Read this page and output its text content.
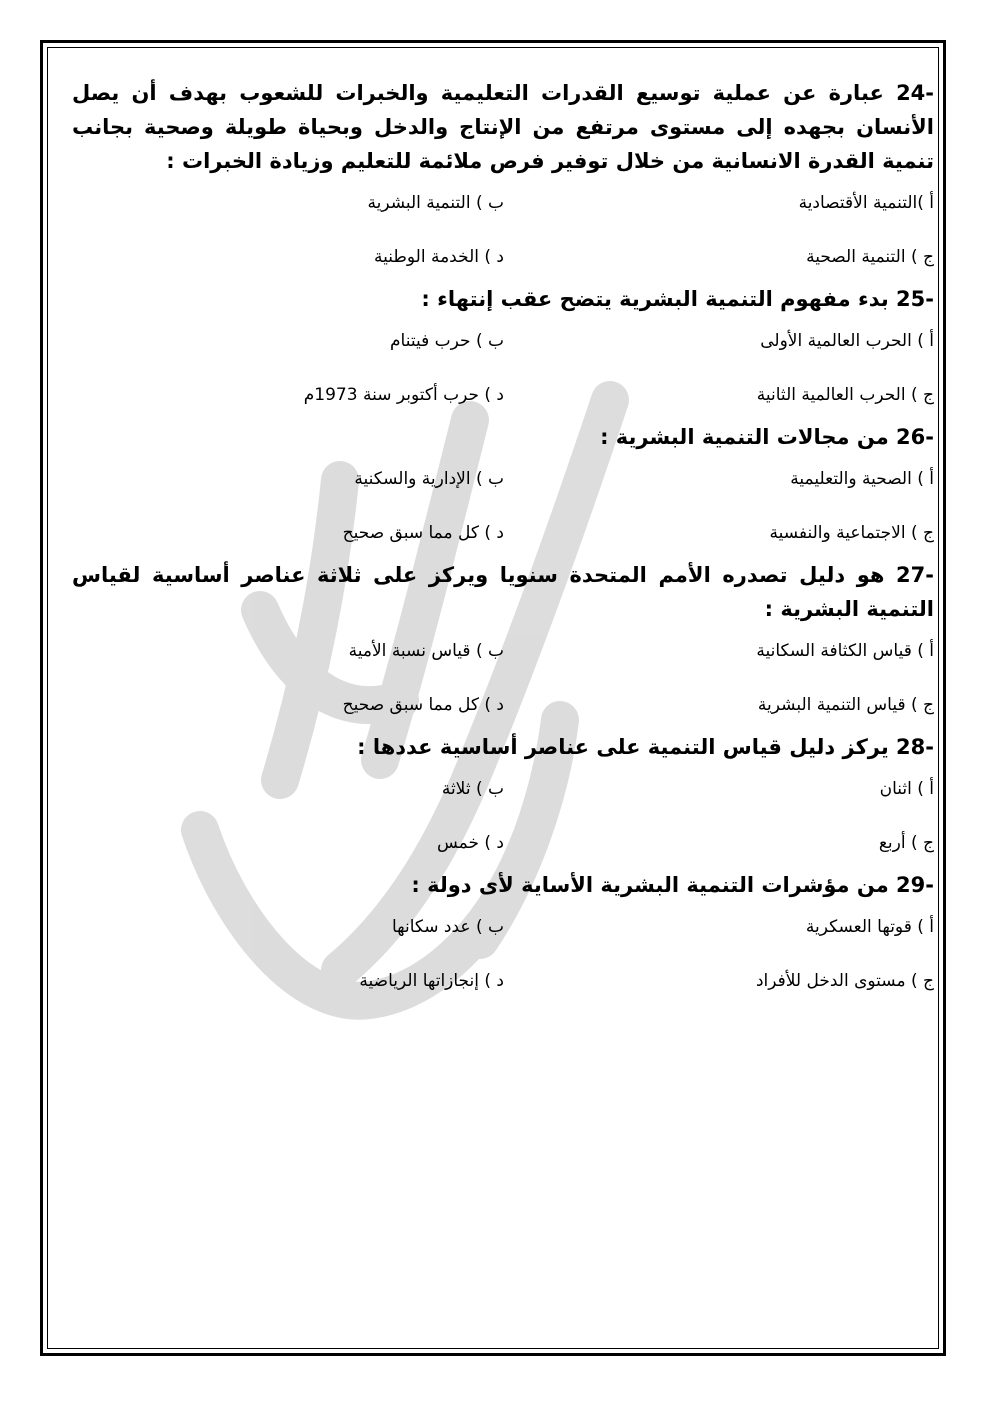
24- عبارة عن عملية توسيع القدرات التعليمية والخبرات للشعوب بهدف أن يصل الأنسان بجهده إلى مستوى مرتفع من الإنتاج والدخل وبحياة طويلة وصحية بجانب تنمية القدرة الانسانية من خلال توفير فرص ملائمة للتعليم وزيادة الخبرات :

أ )التنمية الأقتصادية
ب ) التنمية البشرية
ج ) التنمية الصحية
د ) الخدمة الوطنية

25- بدء مفهوم التنمية البشرية يتضح عقب إنتهاء :

أ ) الحرب العالمية الأولى
ب ) حرب فيتنام
ج ) الحرب العالمية الثانية
د ) حرب أكتوبر سنة 1973م

26- من مجالات التنمية البشرية :

أ ) الصحية والتعليمية
ب ) الإدارية والسكنية
ج ) الاجتماعية والنفسية
د ) كل مما سبق صحيح

27- هو دليل تصدره الأمم المتحدة سنويا ويركز على ثلاثة عناصر أساسية لقياس التنمية البشرية :

أ ) قياس الكثافة السكانية
ب ) قياس نسبة الأمية
ج ) قياس التنمية البشرية
د ) كل مما سبق صحيح

28- يركز دليل قياس التنمية على عناصر أساسية عددها :

أ ) اثنان
ب ) ثلاثة
ج ) أربع
د ) خمس

29- من مؤشرات التنمية البشرية الأساية لأى دولة :

أ ) قوتها العسكرية
ب ) عدد سكانها
ج ) مستوى الدخل للأفراد
د ) إنجازاتها الرياضية
